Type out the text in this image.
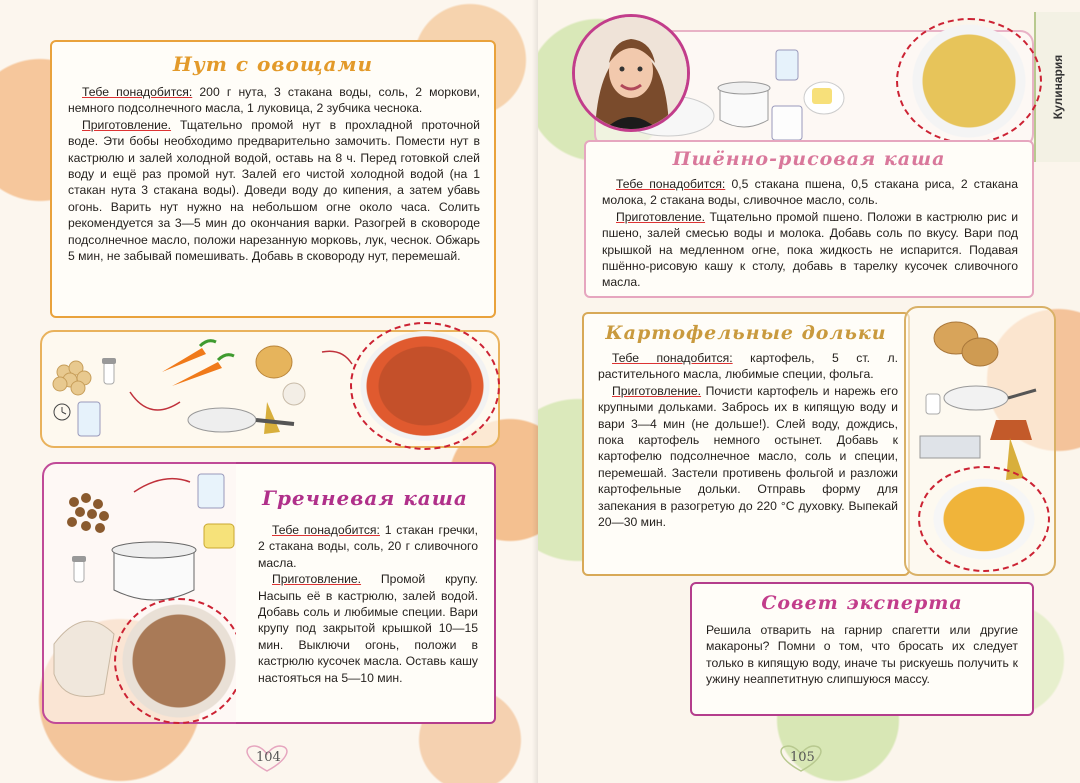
Нут с овощами

Тебе понадобится: 200 г нута, 3 стакана воды, соль, 2 моркови, немного подсолнечного масла, 1 луковица, 2 зубчика чеснока.

Приготовление. Тщательно промой нут в прохладной проточной воде. Эти бобы необходимо предварительно замочить. Помести нут в кастрюлю и залей холодной водой, оставь на 8 ч. Перед готовкой слей воду и ещё раз промой нут. Залей его чистой холодной водой (на 1 стакан нута 3 стакана воды). Доведи воду до кипения, а затем убавь огонь. Варить нут нужно на небольшом огне около часа. Солить рекомендуется за 3—5 мин до окончания варки. Разогрей в сковороде подсолнечное масло, положи нарезанную морковь, лук, чеснок. Обжарь 5 мин, не забывай помешивать. Добавь в сковороду нут, перемешай.

Гречневая каша

Тебе понадобится: 1 стакан гречки, 2 стакана воды, соль, 20 г сливочного масла.

Приготовление. Промой крупу. Насыпь её в кастрюлю, залей водой. Добавь соль и любимые специи. Вари крупу под закрытой крышкой 10—15 мин. Выключи огонь, положи в кастрюлю кусочек масла. Оставь кашу настояться на 5—10 мин.

104
Кулинария
Пшённо-рисовая каша

Тебе понадобится: 0,5 стакана пшена, 0,5 стакана риса, 2 стакана молока, 2 стакана воды, сливочное масло, соль.

Приготовление. Тщательно промой пшено. Положи в кастрюлю рис и пшено, залей смесью воды и молока. Добавь соль по вкусу. Вари под крышкой на медленном огне, пока жидкость не испарится. Подавая пшённо-рисовую кашу к столу, добавь в тарелку кусочек сливочного масла.

Картофельные дольки

Тебе понадобится: картофель, 5 ст. л. растительного масла, любимые специи, фольга.

Приготовление. Почисти картофель и нарежь его крупными дольками. Забрось их в кипящую воду и вари 3—4 мин (не дольше!). Слей воду, дождись, пока картофель немного остынет. Добавь к картофелю подсолнечное масло, соль и специи, перемешай. Застели противень фольгой и разложи картофельные дольки. Отправь форму для запекания в разогретую до 220 °С духовку. Выпекай 20—30 мин.

Совет эксперта
Решила отварить на гарнир спагетти или другие макароны? Помни о том, что бросать их следует только в кипящую воду, иначе ты рискуешь получить к ужину неаппетитную слипшуюся массу.
105
